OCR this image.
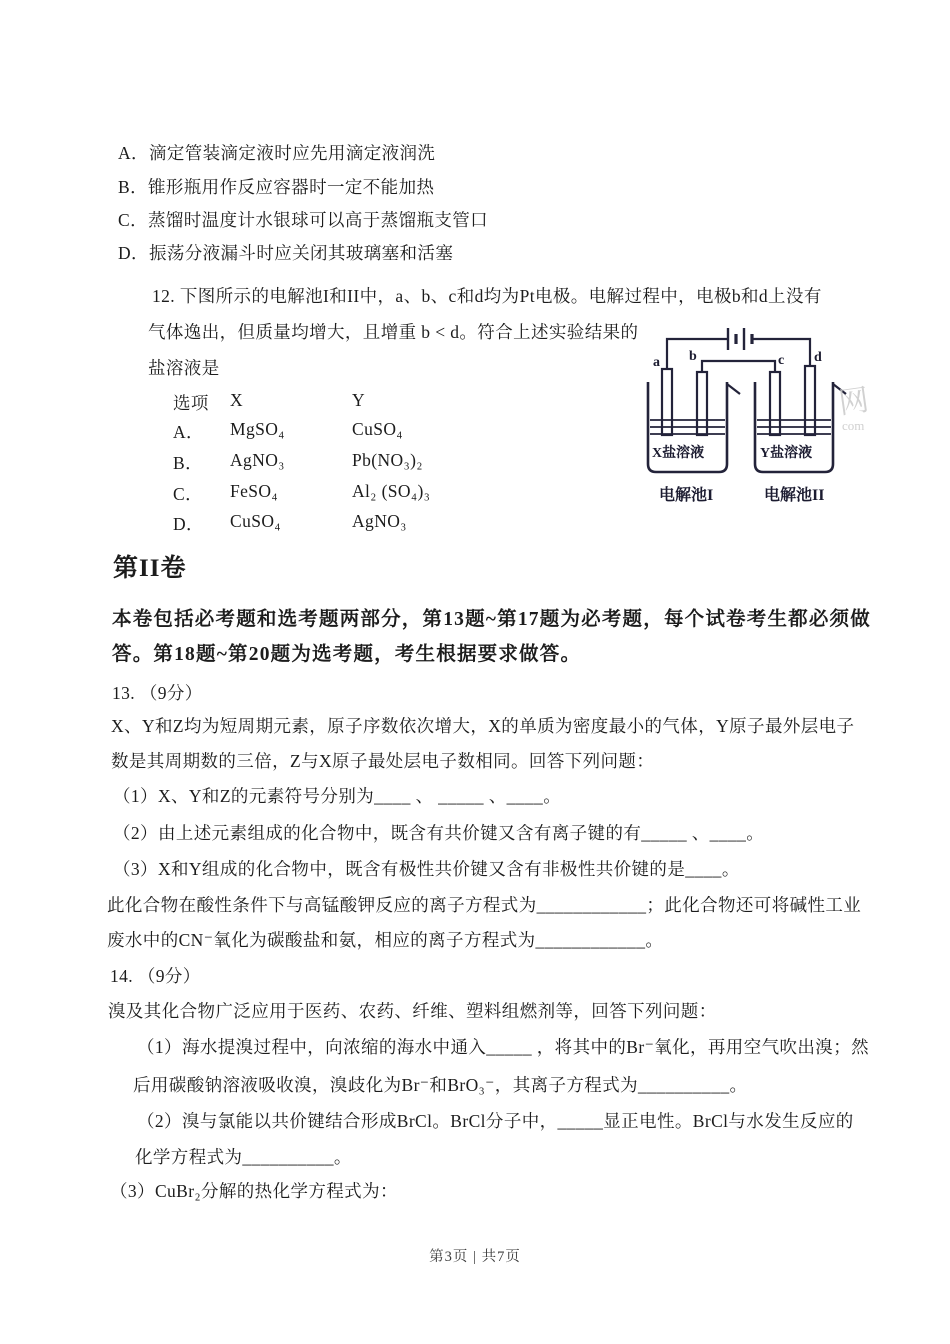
A．滴定管装滴定液时应先用滴定液润洗
B．锥形瓶用作反应容器时一定不能加热
C．蒸馏时温度计水银球可以高于蒸馏瓶支管口
D．振荡分液漏斗时应关闭其玻璃塞和活塞
12. 下图所示的电解池I和II中，a、b、c和d均为Pt电极。电解过程中，电极b和d上没有
气体逸出，但质量均增大，且增重 b < d。符合上述实验结果的
盐溶液是
选项 X	Y
A． MgSO₄	CuSO₄
B． AgNO₃	Pb(NO₃)₂
C． FeSO₄	Al₂ (SO₄)₃
D． CuSO₄	AgNO₃
a b	c d
X盐溶液	Y盐溶液
电解池I	电解池II
网
com
第II卷
本卷包括必考题和选考题两部分，第13题~第17题为必考题，每个试卷考生都必须做
答。第18题~第20题为选考题，考生根据要求做答。
13. （9分）
X、Y和Z均为短周期元素，原子序数依次增大，X的单质为密度最小的气体，Y原子最外层电子
数是其周期数的三倍，Z与X原子最处层电子数相同。回答下列问题：
（1）X、Y和Z的元素符号分别为____ 、 _____ 、____。
（2）由上述元素组成的化合物中，既含有共价键又含有离子键的有_____ 、____。
（3）X和Y组成的化合物中，既含有极性共价键又含有非极性共价键的是____。
此化合物在酸性条件下与高锰酸钾反应的离子方程式为____________；此化合物还可将碱性工业
废水中的CN⁻氧化为碳酸盐和氨，相应的离子方程式为____________。
14. （9分）
溴及其化合物广泛应用于医药、农药、纤维、塑料组燃剂等，回答下列问题：
（1）海水提溴过程中，向浓缩的海水中通入_____ ，将其中的Br⁻氧化，再用空气吹出溴；然
后用碳酸钠溶液吸收溴，溴歧化为Br⁻和BrO₃⁻，其离子方程式为__________。
（2）溴与氯能以共价键结合形成BrCl。BrCl分子中，_____显正电性。BrCl与水发生反应的
化学方程式为__________。
（3）CuBr₂分解的热化学方程式为：
第3页 | 共7页
